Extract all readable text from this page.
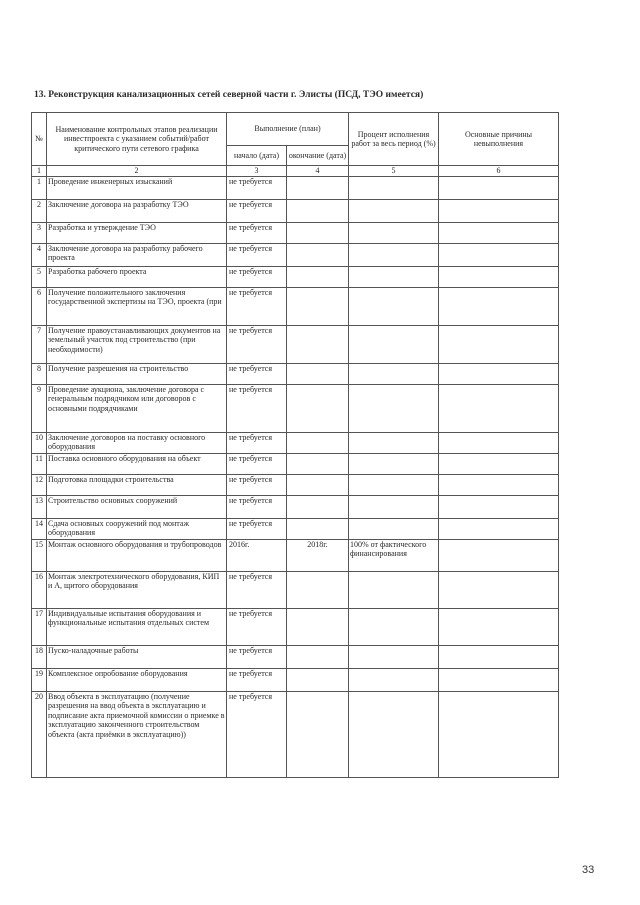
13. Реконструкция канализационных сетей северной части г. Элисты (ПСД, ТЭО имеется)
№	Наименование контрольных этапов реализации инвестпроекта с указанием событий/работ критического пути сетевого графика	Выполнение (план)		Процент исполнения работ за весь период (%)	Основные причины невыполнения
		начало (дата)	окончание (дата)		
1	2	3	4	5	6
1	Проведение инженерных изысканий	не требуется			
2	Заключение договора на разработку ТЭО	не требуется			
3	Разработка и утверждение ТЭО	не требуется			
4	Заключение договора на разработку рабочего проекта	не требуется			
5	Разработка рабочего проекта	не требуется			
6	Получение положительного заключения государственной экспертизы на ТЭО, проекта (при	не требуется			
7	Получение правоустанавливающих документов на земельный участок под строительство (при необходимости)	не требуется			
8	Получение разрешения на строительство	не требуется			
9	Проведение аукциона, заключение договора с генеральным подрядчиком или договоров с основными подрядчиками	не требуется			
10	Заключение договоров на поставку основного оборудования	не требуется			
11	Поставка основного оборудования на объект	не требуется			
12	Подготовка площадки строительства	не требуется			
13	Строительство основных сооружений	не требуется			
14	Сдача основных сооружений под монтаж оборудования	не требуется			
15	Монтаж основного оборудования и трубопроводов	2016г.	2018г.	100% от фактического финансирования	
16	Монтаж электротехнического оборудования, КИП и А, щитого оборудования	не требуется			
17	Индивидуальные испытания оборудования и функциональные испытания отдельных систем	не требуется			
18	Пуско-наладочные работы	не требуется			
19	Комплексное опробование оборудования	не требуется			
20	Ввод объекта в эксплуатацию (получение разрешения на ввод объекта в эксплуатацию и подписание акта приемочной комиссии о приемке в эксплуатацию законченного строительством объекта (акта приёмки в эксплуатацию))	не требуется			
33
